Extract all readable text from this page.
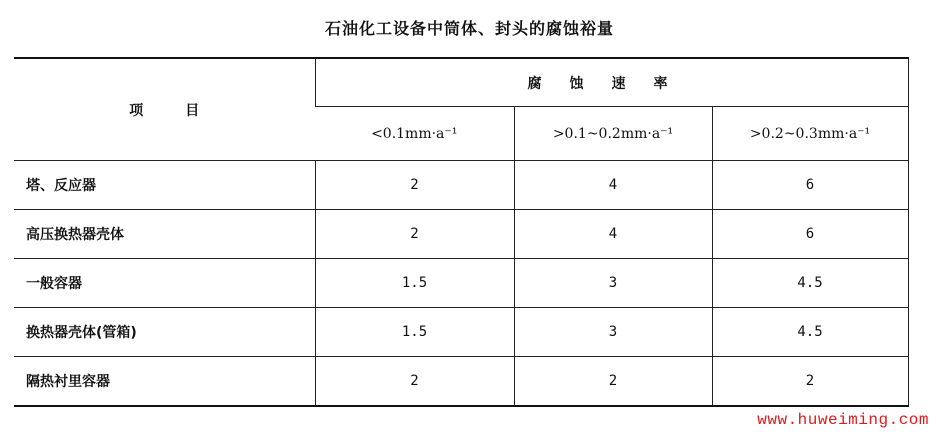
石油化工设备中筒体、封头的腐蚀裕量
项目	腐蚀速率		
	<0.1mm·a⁻¹	>0.1~0.2mm·a⁻¹	>0.2~0.3mm·a⁻¹
塔、反应器	2	4	6
高压换热器壳体	2	4	6
一般容器	1.5	3	4.5
换热器壳体(管箱)	1.5	3	4.5
隔热衬里容器	2	2	2
www.huweiming.com
